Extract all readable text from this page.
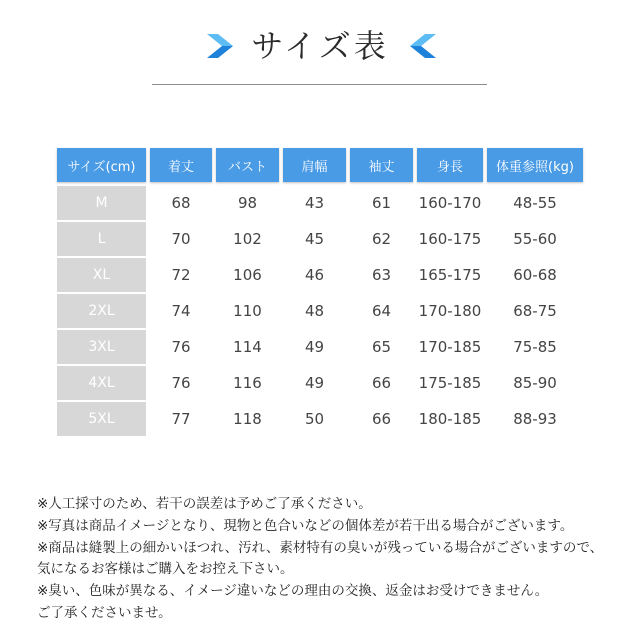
サイズ表
サイズ(cm)	着丈	バスト	肩幅	袖丈	身長	体重参照(kg)
M	68	98	43	61	160-170	48-55
L	70	102	45	62	160-175	55-60
XL	72	106	46	63	165-175	60-68
2XL	74	110	48	64	170-180	68-75
3XL	76	114	49	65	170-185	75-85
4XL	76	116	49	66	175-185	85-90
5XL	77	118	50	66	180-185	88-93
※人工採寸のため、若干の誤差は予めご了承ください。
※写真は商品イメージとなり、現物と色合いなどの個体差が若干出る場合がございます。
※商品は縫製上の細かいほつれ、汚れ、素材特有の臭いが残っている場合がございますので、
気になるお客様はご購入をお控え下さい。
※臭い、色味が異なる、イメージ違いなどの理由の交換、返金はお受けできません。
ご了承くださいませ。
